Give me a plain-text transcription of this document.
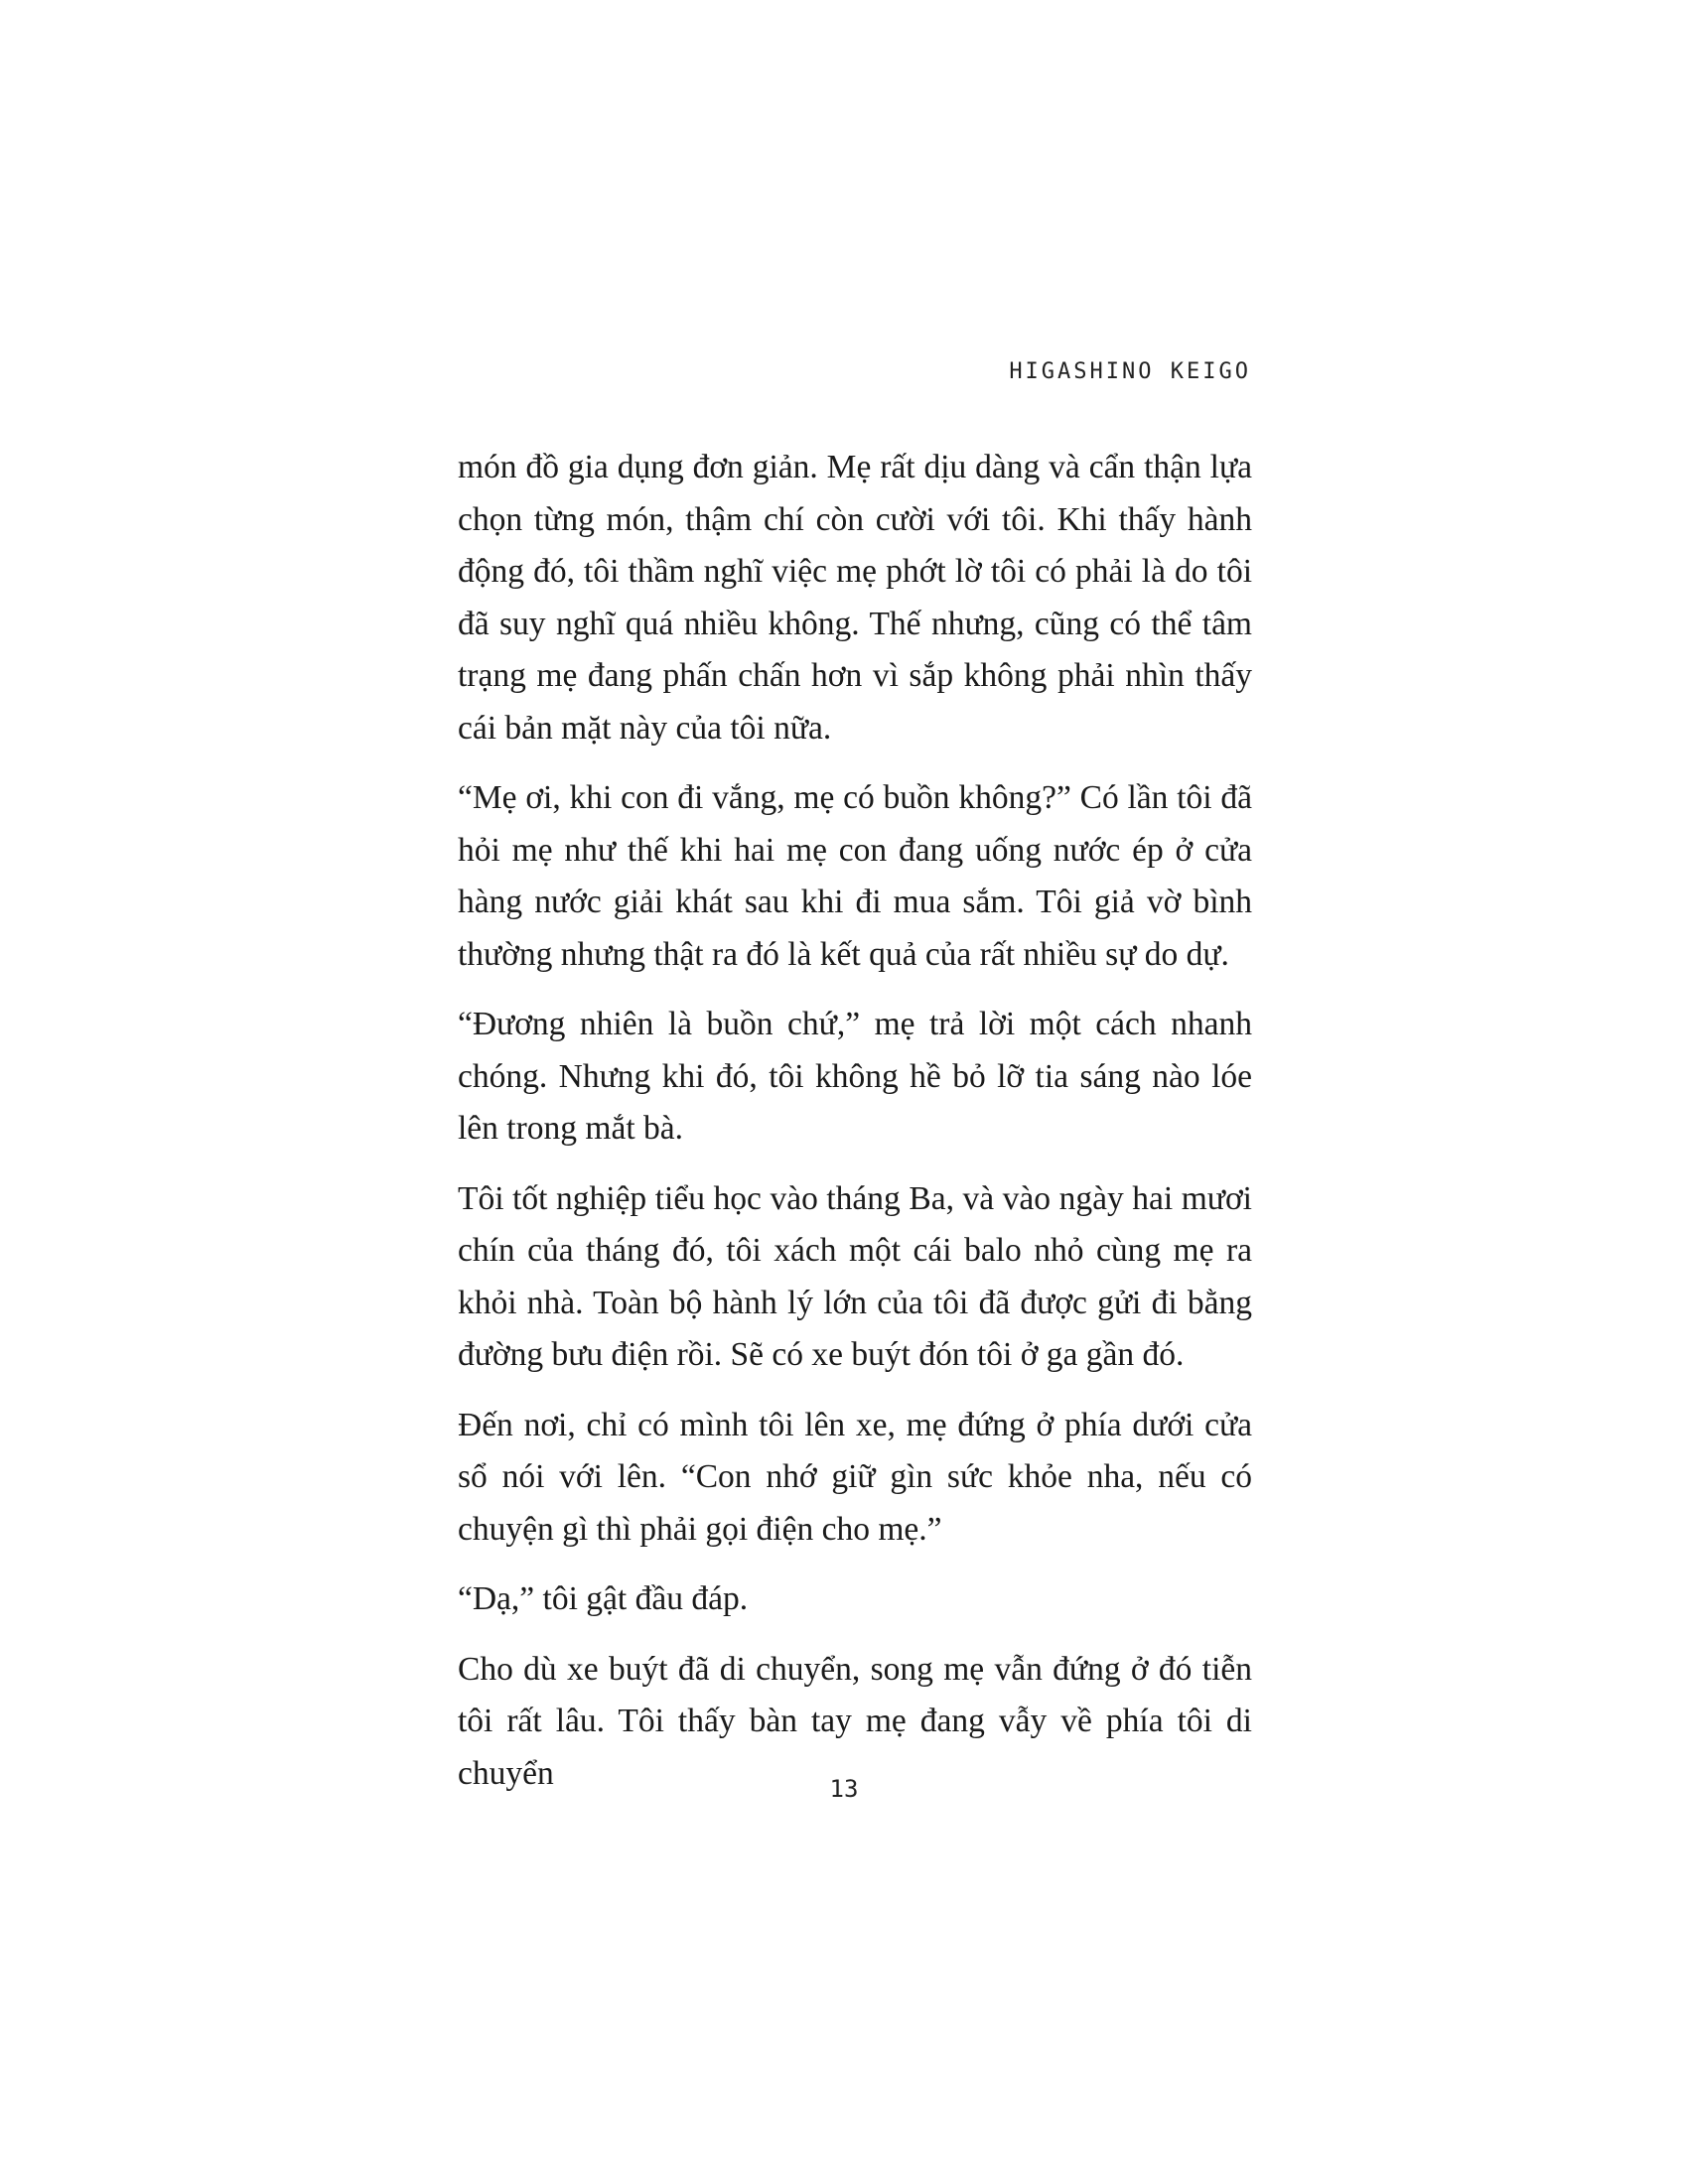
HIGASHINO KEIGO

món đồ gia dụng đơn giản. Mẹ rất dịu dàng và cẩn thận lựa chọn từng món, thậm chí còn cười với tôi. Khi thấy hành động đó, tôi thầm nghĩ việc mẹ phớt lờ tôi có phải là do tôi đã suy nghĩ quá nhiều không. Thế nhưng, cũng có thể tâm trạng mẹ đang phấn chấn hơn vì sắp không phải nhìn thấy cái bản mặt này của tôi nữa.

“Mẹ ơi, khi con đi vắng, mẹ có buồn không?” Có lần tôi đã hỏi mẹ như thế khi hai mẹ con đang uống nước ép ở cửa hàng nước giải khát sau khi đi mua sắm. Tôi giả vờ bình thường nhưng thật ra đó là kết quả của rất nhiều sự do dự.

“Đương nhiên là buồn chứ,” mẹ trả lời một cách nhanh chóng. Nhưng khi đó, tôi không hề bỏ lỡ tia sáng nào lóe lên trong mắt bà.

Tôi tốt nghiệp tiểu học vào tháng Ba, và vào ngày hai mươi chín của tháng đó, tôi xách một cái balo nhỏ cùng mẹ ra khỏi nhà. Toàn bộ hành lý lớn của tôi đã được gửi đi bằng đường bưu điện rồi. Sẽ có xe buýt đón tôi ở ga gần đó.

Đến nơi, chỉ có mình tôi lên xe, mẹ đứng ở phía dưới cửa sổ nói với lên. “Con nhớ giữ gìn sức khỏe nha, nếu có chuyện gì thì phải gọi điện cho mẹ.”

“Dạ,” tôi gật đầu đáp.

Cho dù xe buýt đã di chuyển, song mẹ vẫn đứng ở đó tiễn tôi rất lâu. Tôi thấy bàn tay mẹ đang vẫy về phía tôi di chuyển	13
